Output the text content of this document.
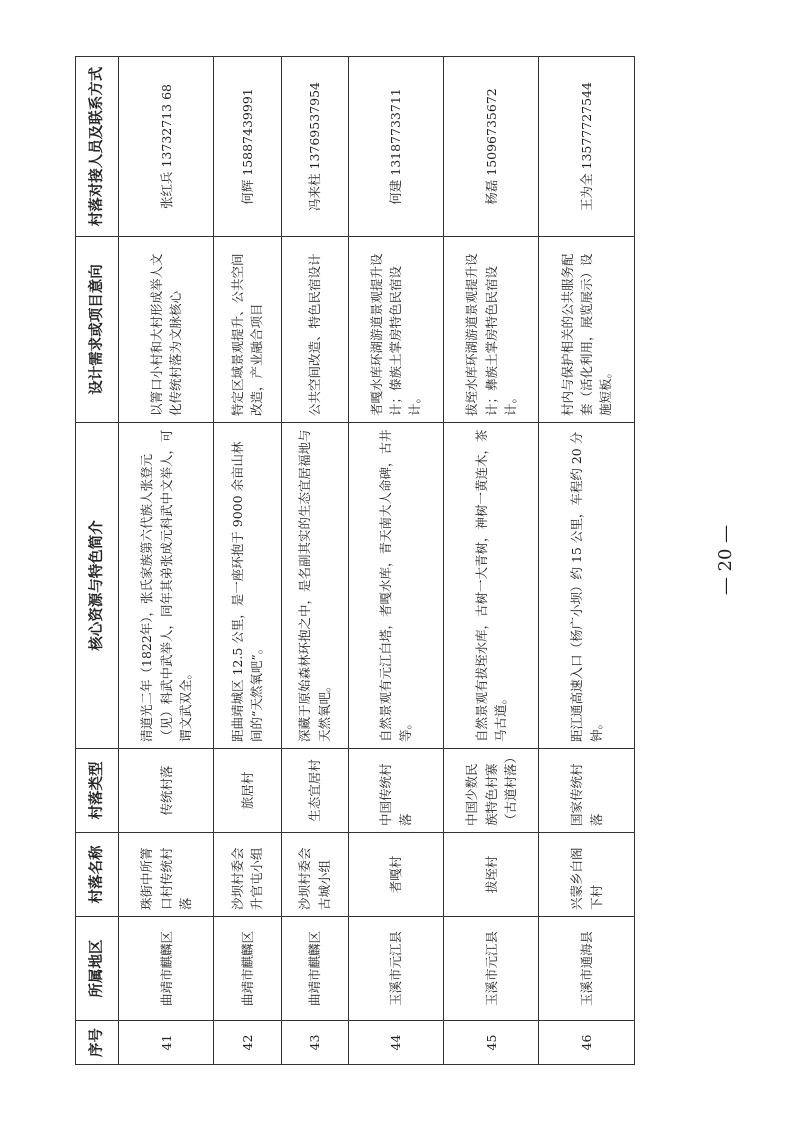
序号	所属地区	村落名称	村落类型	核心资源与特色简介	设计需求或项目意向	村落对接人员及联系方式
41	曲靖市麒麟区	珠街中所箐口村传统村落	传统村落	清道光二年（1822年），张氏家族第六代族人张登元（见）科武中武举人，同年其弟张成元科武中文举人，可谓文武双全。	以箐口小村和大村形成举人文化传统村落为文脉核心	张红兵 13732713 68
42	曲靖市麒麟区	沙坝村委会升官屯小组	旅居村	距曲靖城区 12.5 公里，是一座环抱于 9000 余亩山林间的“天然氧吧”。	特定区域景观提升、公共空间改造，产业融合项目	何辉 15887439991
43	曲靖市麒麟区	沙坝村委会古城小组	生态宜居村	深藏于原始森林环抱之中，是名副其实的生态宜居福地与天然氧吧。	公共空间改造、特色民宿设计	冯来柱 13769537954
44	玉溪市元江县	者嘎村	中国传统村落	自然景观有元江白塔，者嘎水库，青天南大人命碑，古井等。	者嘎水库环湖游道景观提升设计；傣族土掌房特色民宿设计。	何建 13187733711
45	玉溪市元江县	拔垤村	中国少数民族特色村寨（古道村落）	自然景观有拔垤水库，古树一大青树，神树一黄连木，茶马古道。	拔垤水库环湖游道景观提升设计；彝族土掌房特色民宿设计。	杨磊 15096735672
46	玉溪市通海县	兴蒙乡白阁下村	国家传统村落	距江通高速入口（杨广小坝）约 15 公里，车程约 20 分钟。	村内与保护相关的公共服务配套（活化利用，展览展示）设施短板。	王为全 13577727544
— 20 —
